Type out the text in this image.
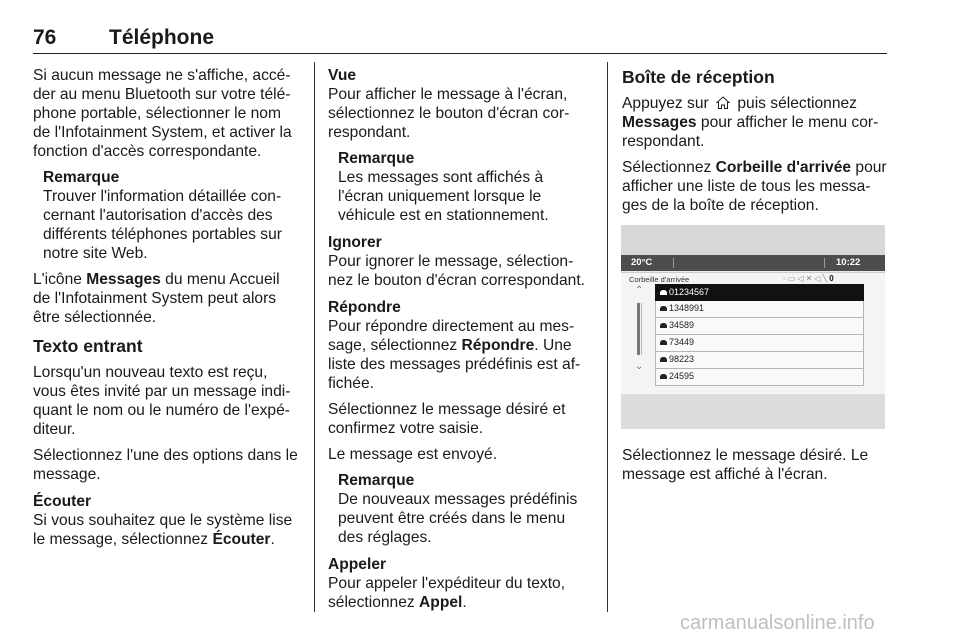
76	Téléphone

Si aucun message ne s'affiche, accé-der au menu Bluetooth sur votre télé-phone portable, sélectionner le nom de l'Infotainment System, et activer la fonction d'accès correspondante.

Remarque
Trouver l'information détaillée con-cernant l'autorisation d'accès des différents téléphones portables sur notre site Web.

L'icône Messages du menu Accueil de l'Infotainment System peut alors être sélectionnée.

Texto entrant

Lorsqu'un nouveau texto est reçu, vous êtes invité par un message indi-quant le nom ou le numéro de l'expé-diteur.

Sélectionnez l'une des options dans le message.

Écouter

Si vous souhaitez que le système lise le message, sélectionnez Écouter.

Vue

Pour afficher le message à l'écran, sélectionnez le bouton d'écran cor-respondant.

Remarque
Les messages sont affichés à l'écran uniquement lorsque le véhicule est en stationnement.
Ignorer

Pour ignorer le message, sélection-nez le bouton d'écran correspondant.

Répondre

Pour répondre directement au mes-sage, sélectionnez Répondre. Une liste des messages prédéfinis est af-fichée.

Sélectionnez le message désiré et confirmez votre saisie.

Le message est envoyé.

Remarque
De nouveaux messages prédéfinis peuvent être créés dans le menu des réglages.
Appeler

Pour appeler l'expéditeur du texto, sélectionnez Appel.

Boîte de réception

Appuyez sur  puis sélectionnez Messages pour afficher le menu cor-respondant.

Sélectionnez Corbeille d'arrivée pour afficher une liste de tous les messa-ges de la boîte de réception.

20°C	10:22
Corbeille d'arrivée	◦▭◁✕◁╲0
⌃
⌄
01234567
1348991
34589
73449
98223
24595

Sélectionnez le message désiré. Le message est affiché à l'écran.

carmanualsonline.info
